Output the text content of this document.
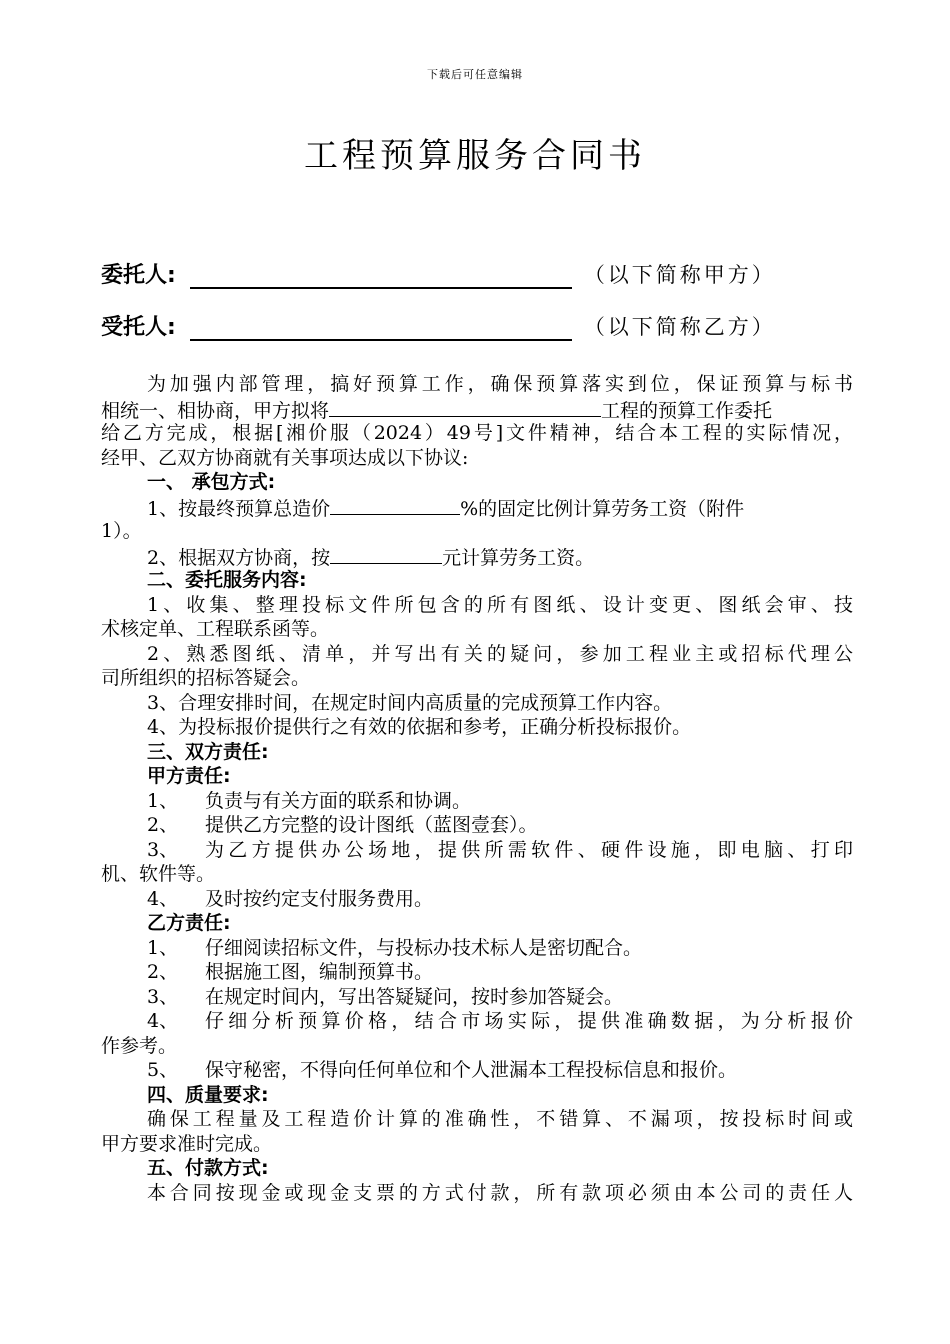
下载后可任意编辑
工程预算服务合同书
委托人:	（以下简称甲方）
受托人:	（以下简称乙方）
为加强内部管理，搞好预算工作，确保预算落实到位，保证预算与标书
相统一、相协商，甲方拟将	工程的预算工作委托
给乙方完成，根据[湘价服（2024）49号]文件精神，结合本工程的实际情况，
经甲、乙双方协商就有关事项达成以下协议:
一、 承包方式:
1、按最终预算总造价	%的固定比例计算劳务工资（附件
1）。
2、根据双方协商，按	元计算劳务工资。
二、委托服务内容:
1、收集、整理投标文件所包含的所有图纸、设计变更、图纸会审、技
术核定单、工程联系函等。
2、熟悉图纸、清单，并写出有关的疑问，参加工程业主或招标代理公
司所组织的招标答疑会。
3、合理安排时间，在规定时间内高质量的完成预算工作内容。
4、为投标报价提供行之有效的依据和参考，正确分析投标报价。
三、双方责任:
甲方责任:
1、	负责与有关方面的联系和协调。
2、	提供乙方完整的设计图纸（蓝图壹套）。
3、	为乙方提供办公场地，提供所需软件、硬件设施，即电脑、打印
机、软件等。
4、	及时按约定支付服务费用。
乙方责任:
1、	仔细阅读招标文件，与投标办技术标人是密切配合。
2、	根据施工图，编制预算书。
3、	在规定时间内，写出答疑疑问，按时参加答疑会。
4、	仔细分析预算价格，结合市场实际，提供准确数据，为分析报价
作参考。
5、	保守秘密，不得向任何单位和个人泄漏本工程投标信息和报价。
四、质量要求:
确保工程量及工程造价计算的准确性，不错算、不漏项，按投标时间或
甲方要求准时完成。
五、付款方式:
本合同按现金或现金支票的方式付款，所有款项必须由本公司的责任人
